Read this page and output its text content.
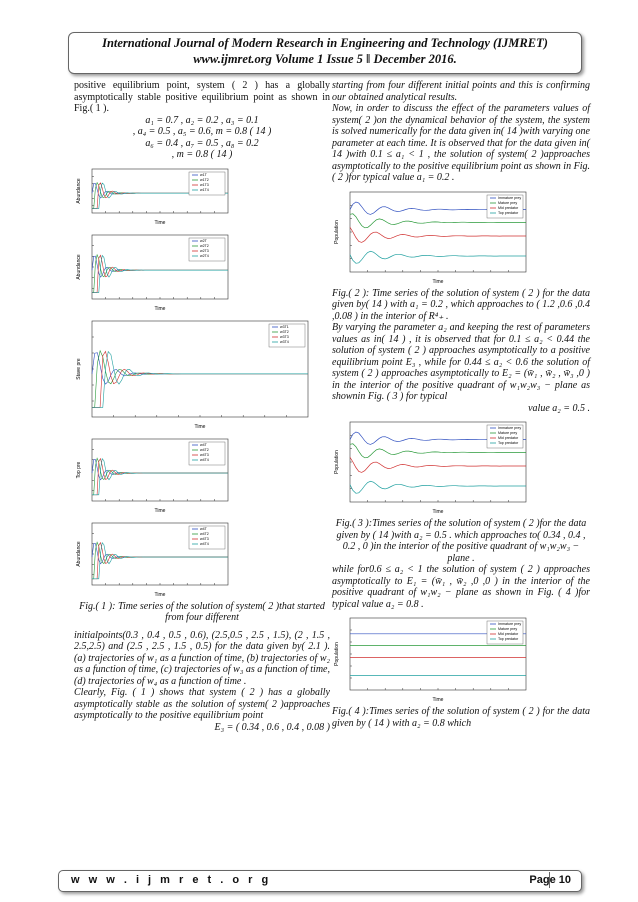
International Journal of Modern Research in Engineering and Technology (IJMRET)
www.ijmret.org Volume 1 Issue 5 ǁ December 2016.

positive equilibrium point, system ( 2 ) has a globally asymptotically stable positive equilibrium point as shown in Fig.( 1 ).

a₁ = 0.7 , a₂ = 0.2 , a₃ = 0.1

, a₄ = 0.5 , a₅ = 0.6, m = 0.8 ( 14 )

a₆ = 0.4 , a₇ = 0.5 , a₈ = 0.2

, m = 0.8 ( 14 )

Time
Abundance
w1T
w1T2
w1T3
w1T4
Time
Abundance
w2T
w2T2
w2T3
w2T4
Time
Stave pre
w3T1
w3T2
w3T3
w3T4
Time
Top pre
w4T
w4T2
w4T3
w4T4
Time
Abundance
w4T
w4T2
w4T3
w4T4

Fig.( 1 ): Time series of the solution of system( 2 )that started from four different

initialpoints(0.3 , 0.4 , 0.5 , 0.6), (2.5,0.5 , 2.5 , 1.5), (2 , 1.5 , 2.5,2.5) and (2.5 , 2.5 , 1.5 , 0.5) for the data given by( 2.1 ). (a) trajectories of w₁ as a function of time, (b) trajectories of w₂ as a function of time, (c) trajectories of w₃ as a function of time, (d) trajectories of w₄ as a function of time .

Clearly, Fig. ( 1 ) shows that system ( 2 ) has a globally asymptotically stable as the solution of system( 2 )approaches asymptotically to the positive equilibrium point

E₃ = ( 0.34 , 0.6 , 0.4 , 0.08 )

starting from four different initial points and this is confirming our obtained analytical results.

Now, in order to discuss the effect of the parameters values of system( 2 )on the dynamical behavior of the system, the system is solved numerically for the data given in( 14 )with varying one parameter at each time. It is observed that for the data given in( 14 )with 0.1 ≤ a₁ < 1 , the solution of system( 2 )approaches asymptotically to the positive equilibrium point as shown in Fig.( 2 )for typical value a₁ = 0.2 .

Time
Population
Immature prey
Mature prey
Mid predator
Top predator

Fig.( 2 ): Time series of the solution of system ( 2 ) for the data given by( 14 ) with a₁ = 0.2 , which approaches to ( 1.2 ,0.6 ,0.4 ,0.08 ) in the interior of R⁴₊ .

By varying the parameter a₂ and keeping the rest of parameters values as in( 14 ) , it is observed that for 0.1 ≤ a₂ < 0.44 the solution of system ( 2 ) approaches asymptotically to a positive equilibrium point E₃ , while for 0.44 ≤ a₂ < 0.6 the solution of system ( 2 ) approaches asymptotically to E₂ = (w̄₁ , w̄₂ , w̄₃ ,0 ) in the interior of the positive quadrant of w₁w₂w₃ − plane as shownin Fig. ( 3 ) for typical

value a₂ = 0.5 .

Time
Population
Immature prey
Mature prey
Mid predator
Top predator

Fig.( 3 ):Times series of the solution of system ( 2 )for the data given by ( 14 )with a₂ = 0.5 . which approaches to( 0.34 , 0.4 , 0.2 , 0 )in the interior of the positive quadrant of w₁w₂w₃ − plane .

while for0.6 ≤ a₂ < 1 the solution of system ( 2 ) approaches asymptotically to E₁ = (w̄₁ , w̄₂ ,0 ,0 ) in the interior of the positive quadrant of w₁w₂ − plane as shown in Fig. ( 4 )for typical value a₂ = 0.8 .

Time
Population
Immature prey
Mature prey
Mid predator
Top predator

Fig.( 4 ):Times series of the solution of system ( 2 ) for the data given by ( 14 ) with a₂ = 0.8 which

w w w . i j m r e t . o r g	Page 10
